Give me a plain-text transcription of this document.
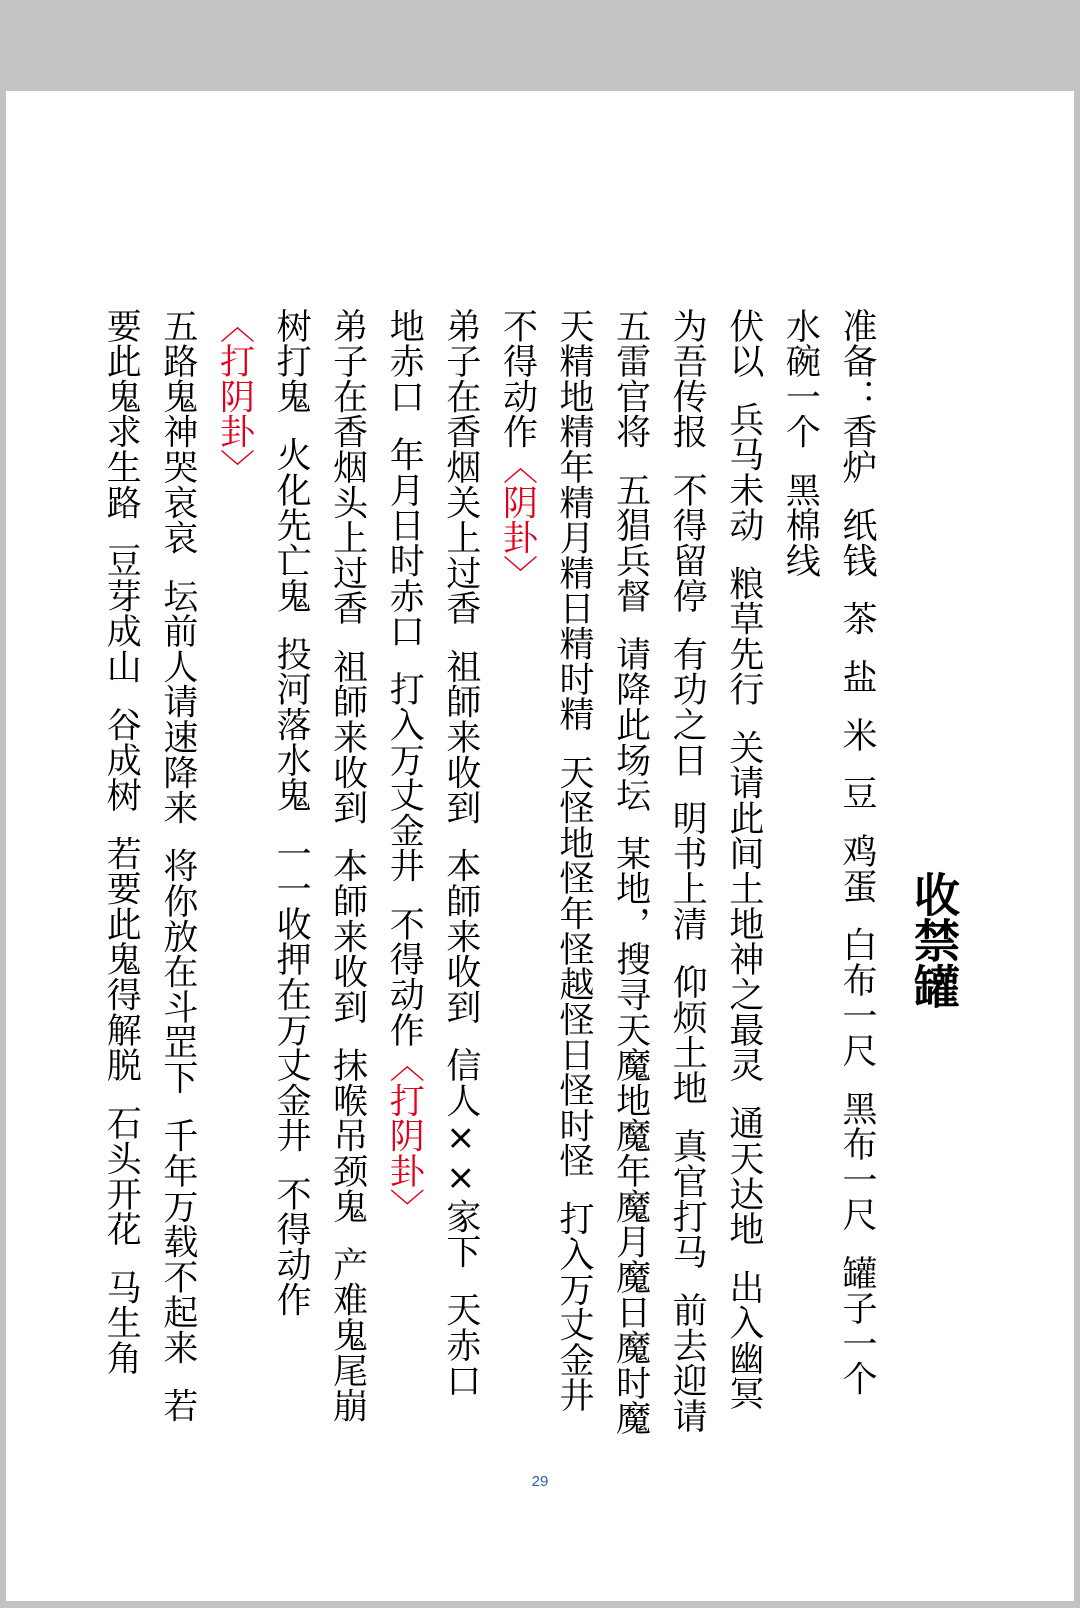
收禁罐

准备：香炉  纸钱  茶  盐  米  豆  鸡蛋  白布一尺  黑布一尺  罐子一个

水碗一个  黑棉线

伏以  兵马未动  粮草先行  关请此间土地神之最灵  通天达地  出入幽冥

为吾传报  不得留停  有功之日  明书上清  仰烦土地  真官打马  前去迎请

五雷官将  五猖兵督  请降此场坛  某地，搜寻天魔地魔年魔月魔日魔时魔

天精地精年精月精日精时精  天怪地怪年怪越怪日怪时怪  打入万丈金井

不得动作〈阴卦〉

弟子在香烟关上过香  祖師来收到  本師来收到  信人××家下  天赤口

地赤口  年月日时赤口  打入万丈金井  不得动作〈打阴卦〉

弟子在香烟头上过香  祖師来收到  本師来收到  抹喉吊颈鬼  产难鬼尾崩

树打鬼  火化先亡鬼  投河落水鬼  一一收押在万丈金井  不得动作

〈打阴卦〉

五路鬼神哭哀哀  坛前人请速降来  将你放在斗罡下  千年万载不起来  若

要此鬼求生路  豆芽成山  谷成树  若要此鬼得解脱  石头开花  马生角

29
